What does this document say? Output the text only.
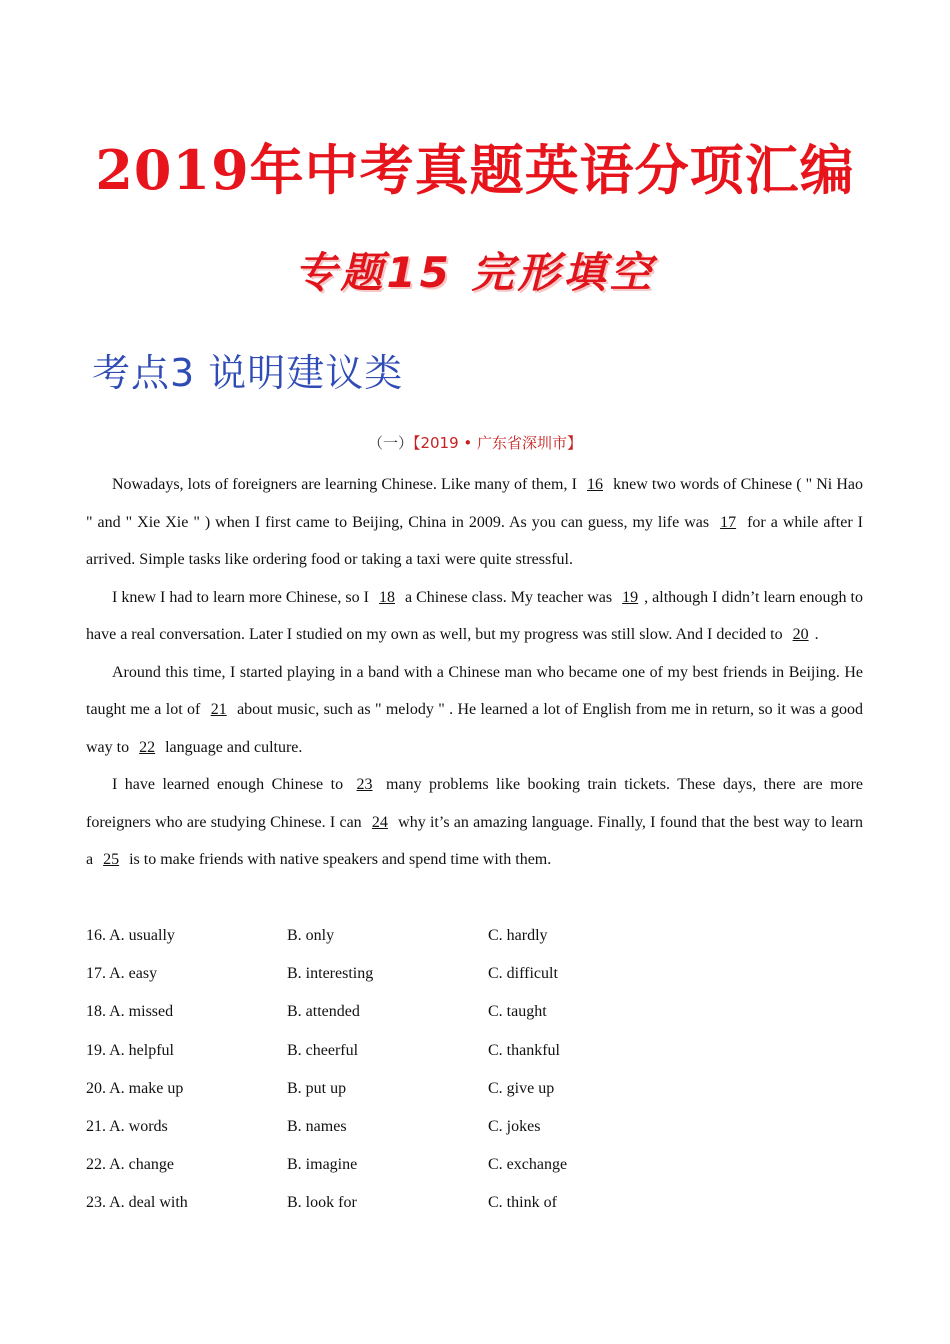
2019年中考真题英语分项汇编
专题15 完形填空
考点3 说明建议类
（一）【2019 • 广东省深圳市】

Nowadays, lots of foreigners are learning Chinese. Like many of them, I 16 knew two words of Chinese ( " Ni Hao " and " Xie Xie " ) when I first came to Beijing, China in 2009. As you can guess, my life was 17 for a while after I arrived. Simple tasks like ordering food or taking a taxi were quite stressful.

I knew I had to learn more Chinese, so I 18 a Chinese class. My teacher was 19 , although I didn’t learn enough to have a real conversation. Later I studied on my own as well, but my progress was still slow. And I decided to 20 .

Around this time, I started playing in a band with a Chinese man who became one of my best friends in Beijing. He taught me a lot of 21 about music, such as " melody " . He learned a lot of English from me in return, so it was a good way to 22 language and culture.

I have learned enough Chinese to 23 many problems like booking train tickets. These days, there are more foreigners who are studying Chinese. I can 24 why it’s an amazing language. Finally, I found that the best way to learn a 25 is to make friends with native speakers and spend time with them.

16. A. usually	B. only	C. hardly
17. A. easy	B. interesting	C. difficult
18. A. missed	B. attended	C. taught
19. A. helpful	B. cheerful	C. thankful
20. A. make up	B. put up	C. give up
21. A. words	B. names	C. jokes
22. A. change	B. imagine	C. exchange
23. A. deal with	B. look for	C. think of
